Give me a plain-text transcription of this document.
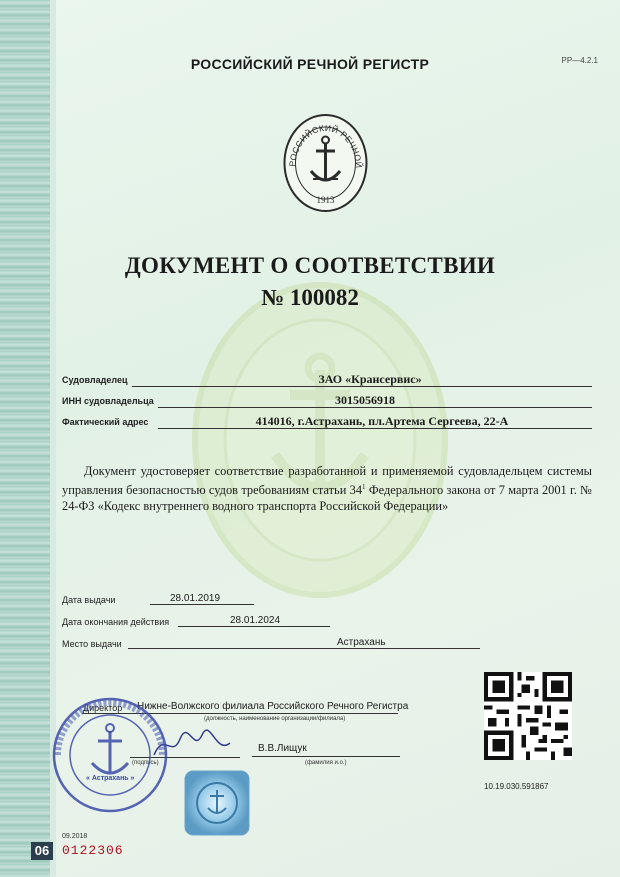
РОССИЙСКИЙ РЕЧНОЙ РЕГИСТР	РР—4.2.1
РОССИЙСКИЙ РЕЧНОЙ
1913
ДОКУМЕНТ О СООТВЕТСТВИИ
№ 100082
Судовладелец	ЗАО «Крансервис»
ИНН судовладельца	3015056918
Фактический адрес	414016, г.Астрахань, пл.Артема Сергеева, 22-А
Документ удостоверяет соответствие разработанной и применяемой судовладельцем системы управления безопасностью судов требованиям статьи $34^1$ Федерального закона от 7 марта 2001 г. № 24-ФЗ «Кодекс внутреннего водного транспорта Российской Федерации»
Дата выдачи	28.01.2019
Дата окончания действия	28.01.2024
Место выдачи	Астрахань
Директор Нижне-Волжского филиала Российского Речного Регистра
(должность, наименование организации/филиала)
(подпись)
В.В.Лищук
(фамилия и.о.)
« Астрахань »
10.19.030.591867
09.2018
06 0122306
